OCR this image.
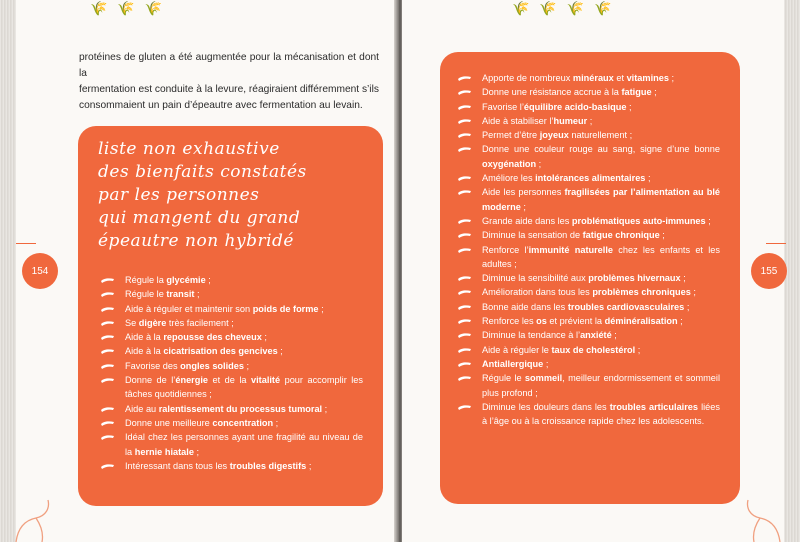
🌾🌾🌾
protéines de gluten a été augmentée pour la mécanisation et dont la
fermentation est conduite à la levure, réagiraient différemment s’ils
consommaient un pain d’épeautre avec fermentation au levain.
liste non exhaustive
des bienfaits constatés
par les personnes
qui mangent du grand
épeautre non hybridé
Régule la glycémie ;
Régule le transit ;
Aide à réguler et maintenir son poids de forme ;
Se digère très facilement ;
Aide à la repousse des cheveux ;
Aide à la cicatrisation des gencives ;
Favorise des ongles solides ;
Donne de l’énergie et de la vitalité pour accomplir les tâches quotidiennes ;
Aide au ralentissement du processus tumoral ;
Donne une meilleure concentration ;
Idéal chez les personnes ayant une fragilité au niveau de la hernie hiatale ;
Intéressant dans tous les troubles digestifs ;
154
🌾🌾🌾🌾
Apporte de nombreux minéraux et vitamines ;
Donne une résistance accrue à la fatigue ;
Favorise l’équilibre acido-basique ;
Aide à stabiliser l’humeur ;
Permet d’être joyeux naturellement ;
Donne une couleur rouge au sang, signe d’une bonne oxygénation ;
Améliore les intolérances alimentaires ;
Aide les personnes fragilisées par l’alimentation au blé moderne ;
Grande aide dans les problématiques auto-immunes ;
Diminue la sensation de fatigue chronique ;
Renforce l’immunité naturelle chez les enfants et les adultes ;
Diminue la sensibilité aux problèmes hivernaux ;
Amélioration dans tous les problèmes chroniques ;
Bonne aide dans les troubles cardiovasculaires ;
Renforce les os et prévient la déminéralisation ;
Diminue la tendance à l’anxiété ;
Aide à réguler le taux de cholestérol ;
Antiallergique ;
Régule le sommeil, meilleur endormissement et sommeil plus profond ;
Diminue les douleurs dans les troubles articulaires liées à l’âge ou à la croissance rapide chez les adolescents.
155
